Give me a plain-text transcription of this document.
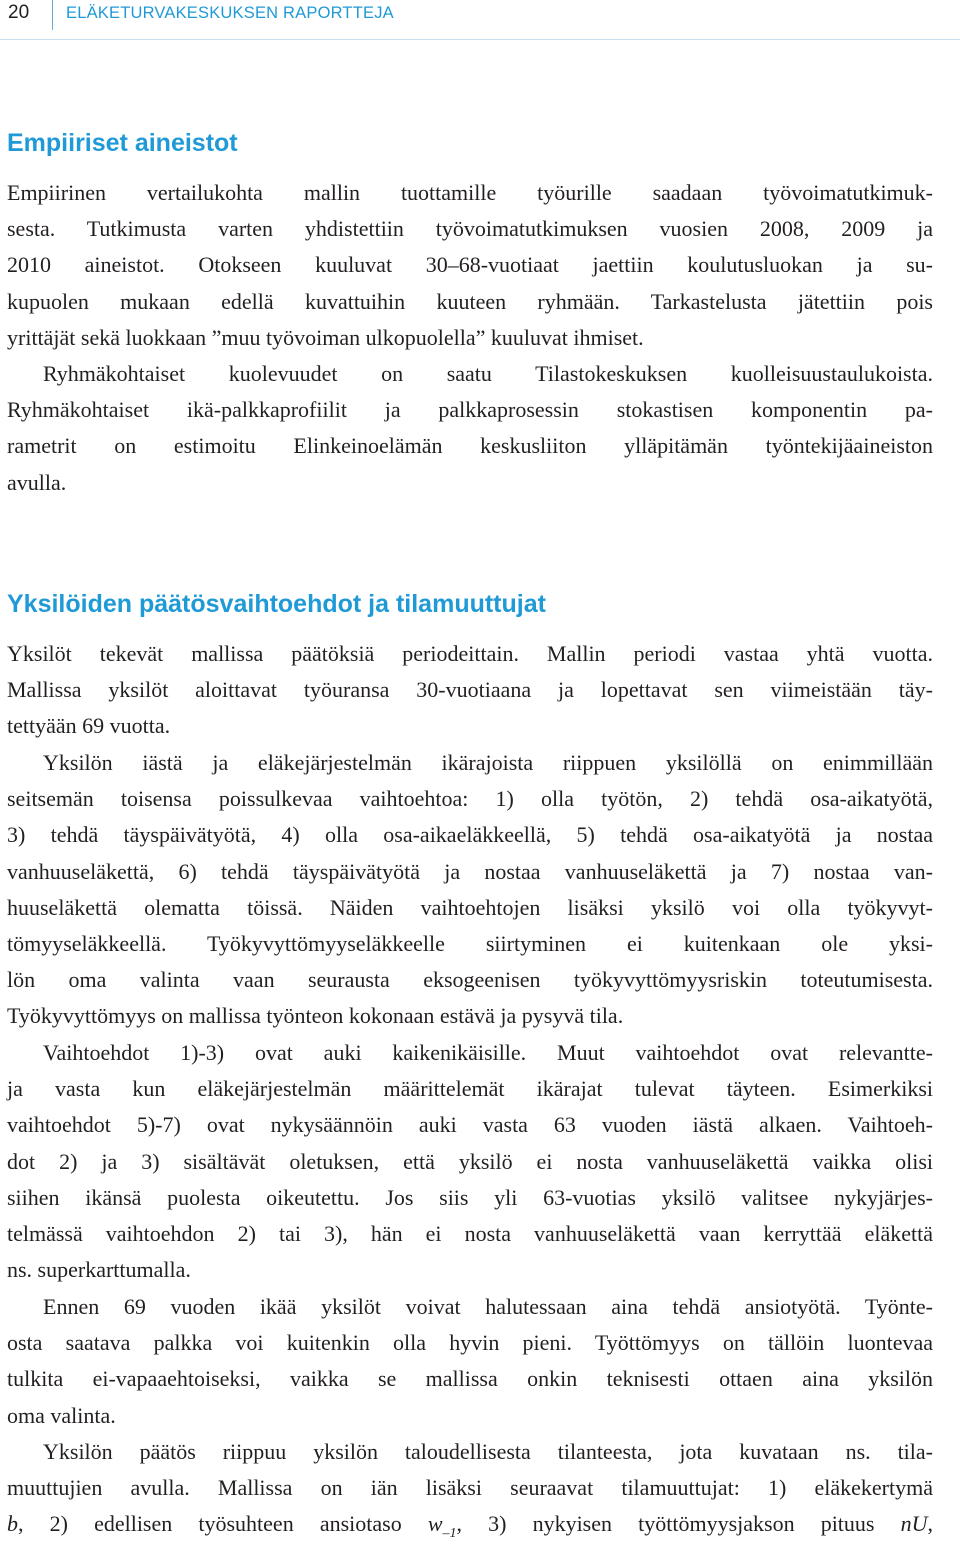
20 ELÄKETURVAKESKUKSEN RAPORTTEJA
Empiiriset aineistot
Empiirinen vertailukohta mallin tuottamille työurille saadaan työvoimatutkimuk-
sesta. Tutkimusta varten yhdistettiin työvoimatutkimuksen vuosien 2008, 2009 ja
2010 aineistot. Otokseen kuuluvat 30–68-vuotiaat jaettiin koulutusluokan ja su-
kupuolen mukaan edellä kuvattuihin kuuteen ryhmään. Tarkastelusta jätettiin pois
yrittäjät sekä luokkaan ”muu työvoiman ulkopuolella” kuuluvat ihmiset.
Ryhmäkohtaiset kuolevuudet on saatu Tilastokeskuksen kuolleisuustaulukoista.
Ryhmäkohtaiset ikä-palkkaprofiilit ja palkkaprosessin stokastisen komponentin pa-
rametrit on estimoitu Elinkeinoelämän keskusliiton ylläpitämän työntekijäaineiston
avulla.
Yksilöiden päätösvaihtoehdot ja tilamuuttujat
Yksilöt tekevät mallissa päätöksiä periodeittain. Mallin periodi vastaa yhtä vuotta.
Mallissa yksilöt aloittavat työuransa 30-vuotiaana ja lopettavat sen viimeistään täy-
tettyään 69 vuotta.
Yksilön iästä ja eläkejärjestelmän ikärajoista riippuen yksilöllä on enimmillään
seitsemän toisensa poissulkevaa vaihtoehtoa: 1) olla työtön, 2) tehdä osa-aikatyötä,
3) tehdä täyspäivätyötä, 4) olla osa-aikaeläkkeellä, 5) tehdä osa-aikatyötä ja nostaa
vanhuuseläkettä, 6) tehdä täyspäivätyötä ja nostaa vanhuuseläkettä ja 7) nostaa van-
huuseläkettä olematta töissä. Näiden vaihtoehtojen lisäksi yksilö voi olla työkyvyt-
tömyyseläkkeellä. Työkyvyttömyyseläkkeelle siirtyminen ei kuitenkaan ole yksi-
lön oma valinta vaan seurausta eksogeenisen työkyvyttömyysriskin toteutumisesta.
Työkyvyttömyys on mallissa työnteon kokonaan estävä ja pysyvä tila.
Vaihtoehdot 1)-3) ovat auki kaikenikäisille. Muut vaihtoehdot ovat relevantte-
ja vasta kun eläkejärjestelmän määrittelemät ikärajat tulevat täyteen. Esimerkiksi
vaihtoehdot 5)-7) ovat nykysäännöin auki vasta 63 vuoden iästä alkaen. Vaihtoeh-
dot 2) ja 3) sisältävät oletuksen, että yksilö ei nosta vanhuuseläkettä vaikka olisi
siihen ikänsä puolesta oikeutettu. Jos siis yli 63-vuotias yksilö valitsee nykyjärjes-
telmässä vaihtoehdon 2) tai 3), hän ei nosta vanhuuseläkettä vaan kerryttää eläkettä
ns. superkarttumalla.
Ennen 69 vuoden ikää yksilöt voivat halutessaan aina tehdä ansiotyötä. Työnte-
osta saatava palkka voi kuitenkin olla hyvin pieni. Työttömyys on tällöin luontevaa
tulkita ei-vapaaehtoiseksi, vaikka se mallissa onkin teknisesti ottaen aina yksilön
oma valinta.
Yksilön päätös riippuu yksilön taloudellisesta tilanteesta, jota kuvataan ns. tila-
muuttujien avulla. Mallissa on iän lisäksi seuraavat tilamuuttujat: 1) eläkekertymä
b, 2) edellisen työsuhteen ansiotaso $w_{-1}$, 3) nykyisen työttömyysjakson pituus nU,
